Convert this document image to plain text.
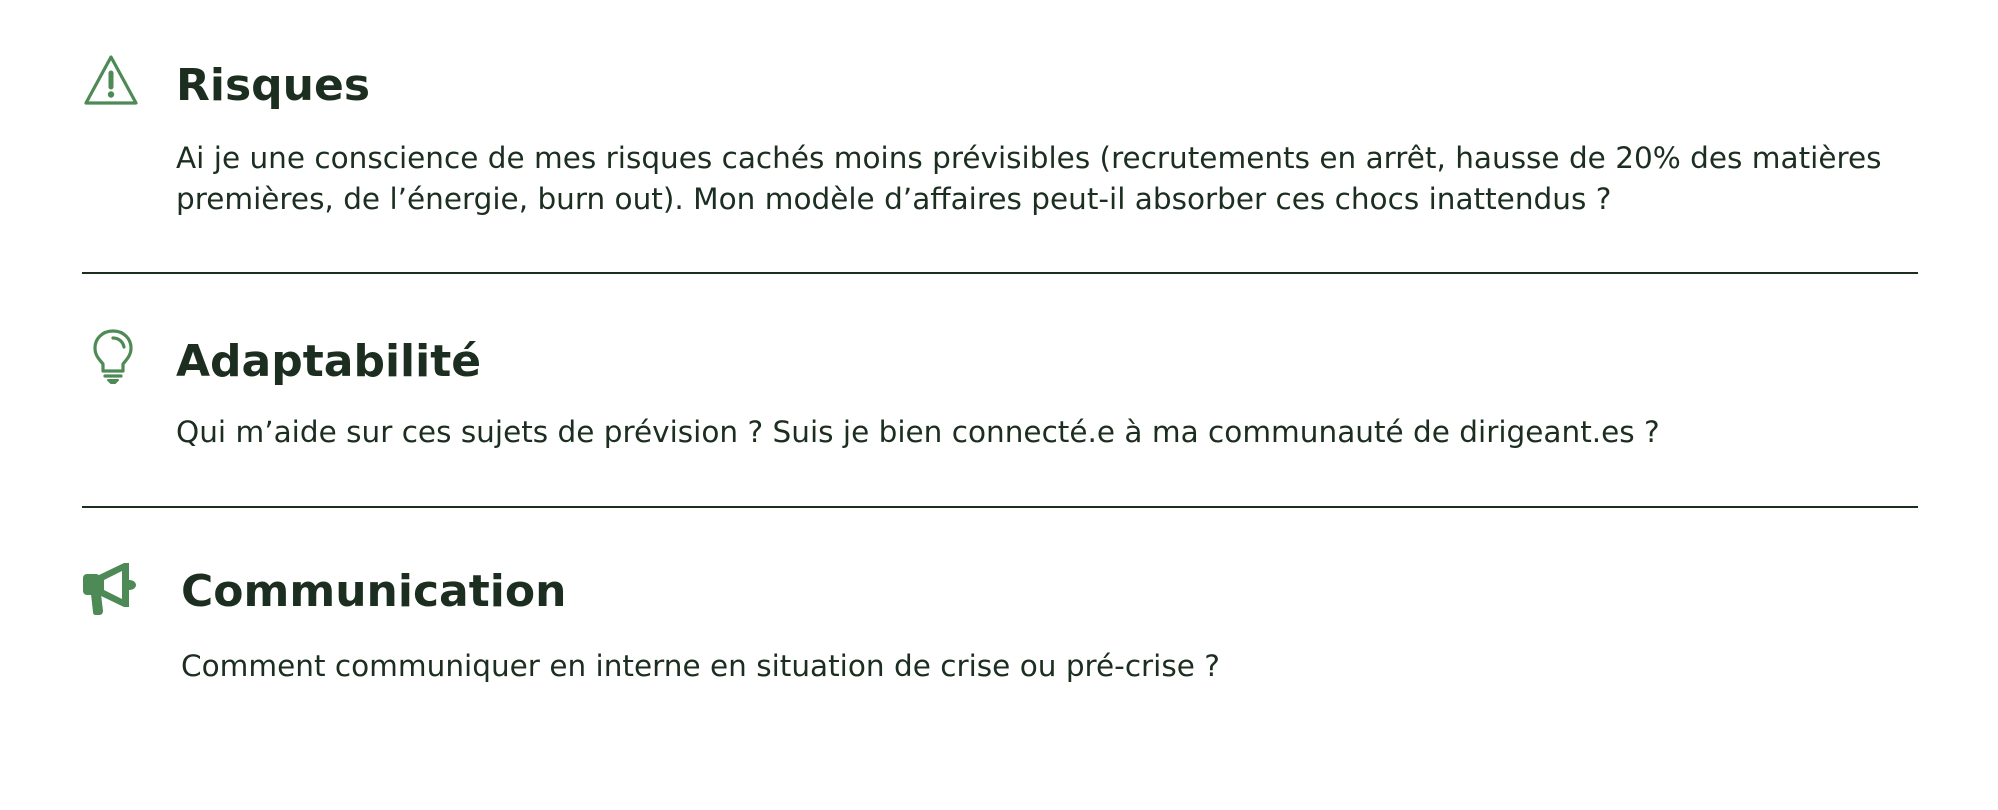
Risques

Ai je une conscience de mes risques cachés moins prévisibles (recrutements en arrêt, hausse de 20% des matières premières, de l’énergie, burn out). Mon modèle d’affaires peut-il absorber ces chocs inattendus ?

Adaptabilité

Qui m’aide sur ces sujets de prévision ? Suis je bien connecté.e à ma communauté de dirigeant.es ?

Communication

Comment communiquer en interne en situation de crise ou pré-crise ?
